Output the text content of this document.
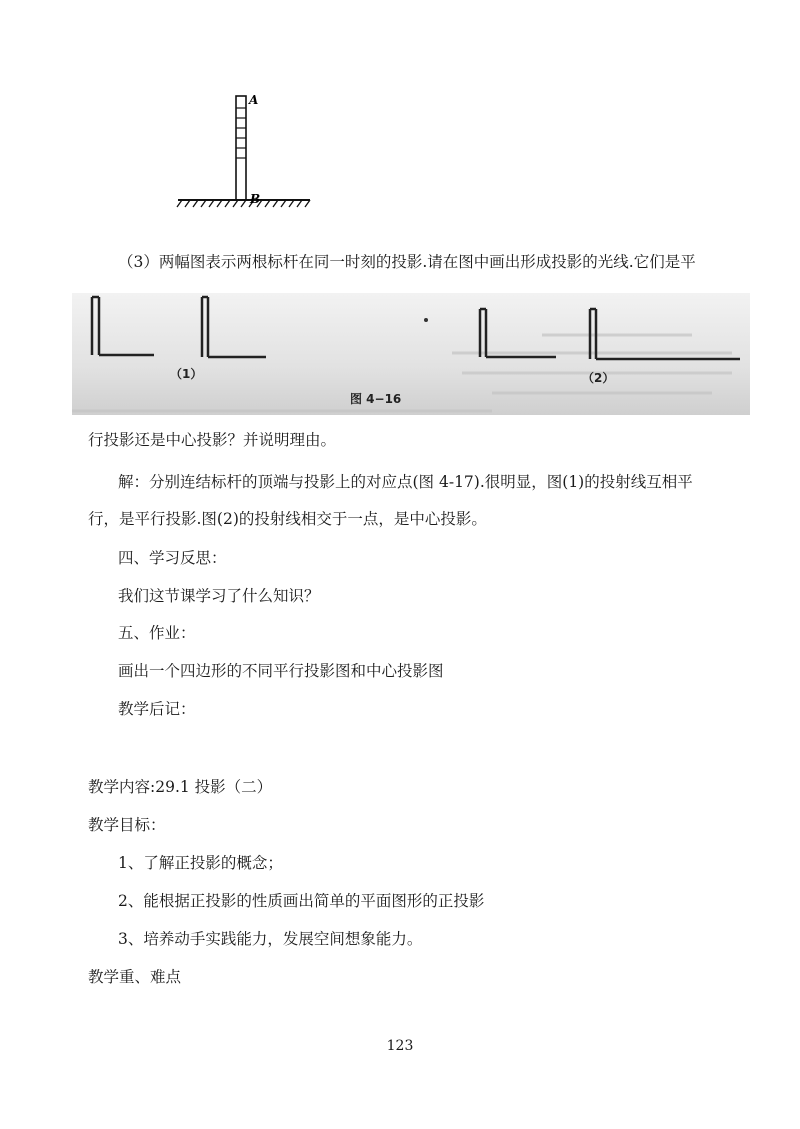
A
B
（3）两幅图表示两根标杆在同一时刻的投影.请在图中画出形成投影的光线.它们是平
（1）	（2）
图 4−16
行投影还是中心投影？并说明理由。
解：分别连结标杆的顶端与投影上的对应点(图 4-17).很明显，图(1)的投射线互相平
行，是平行投影.图(2)的投射线相交于一点，是中心投影。
四、学习反思：
我们这节课学习了什么知识？
五、作业：
画出一个四边形的不同平行投影图和中心投影图
教学后记：
教学内容:29.1 投影（二）
教学目标：
1、了解正投影的概念；
2、能根据正投影的性质画出简单的平面图形的正投影
3、培养动手实践能力，发展空间想象能力。
教学重、难点
123
